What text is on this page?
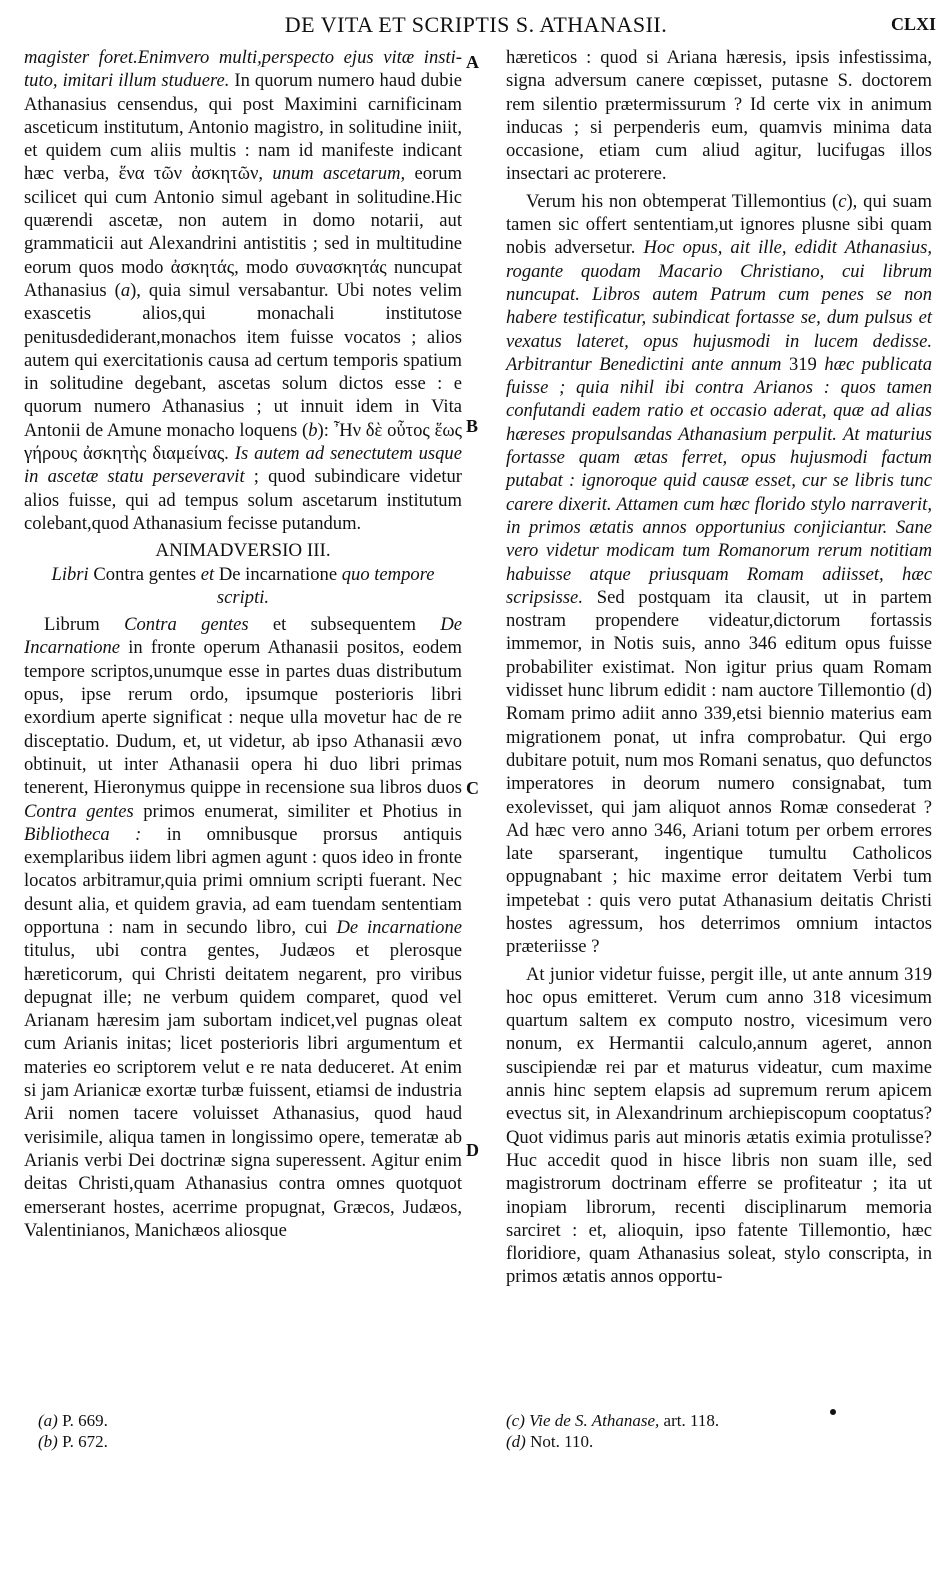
DE VITA ET SCRIPTIS S. ATHANASII.	CLXI
A
B
C
D

magister foret.Enimvero multi,perspecto ejus vitæ insti-tuto, imitari illum studuere. In quorum numero haud dubie Athanasius censendus, qui post Maximini carnificinam asceticum institutum, Antonio magistro, in solitudine iniit, et quidem cum aliis multis : nam id manifeste indicant hæc verba, ἕνα τῶν ἀσκητῶν, unum ascetarum, eorum scilicet qui cum Antonio simul agebant in solitudine.Hic quærendi ascetæ, non autem in domo notarii, aut grammaticii aut Alexandrini antistitis ; sed in multitudine eorum quos modo ἀσκητάς, modo συνασκητάς nuncupat Athanasius (a), quia simul versabantur. Ubi notes velim exascetis alios,qui monachali institutose penitusdediderant,monachos item fuisse vocatos ; alios autem qui exercitationis causa ad certum temporis spatium in solitudine degebant, ascetas solum dictos esse : e quorum numero Athanasius ; ut innuit idem in Vita Antonii de Amune monacho loquens (b): Ἦν δὲ οὗτος ἕως γήρους ἀσκητὴς διαμείνας. Is autem ad senectutem usque in ascetæ statu perseveravit ; quod subindicare videtur alios fuisse, qui ad tempus solum ascetarum institutum colebant,quod Athanasium fecisse putandum.

ANIMADVERSIO III.

Libri Contra gentes et De incarnatione quo tempore scripti.

Librum Contra gentes et subsequentem De Incarnatione in fronte operum Athanasii positos, eodem tempore scriptos,unumque esse in partes duas distributum opus, ipse rerum ordo, ipsumque posterioris libri exordium aperte significat : neque ulla movetur hac de re disceptatio. Dudum, et, ut videtur, ab ipso Athanasii ævo obtinuit, ut inter Athanasii opera hi duo libri primas tenerent, Hieronymus quippe in recensione sua libros duos Contra gentes primos enumerat, similiter et Photius in Bibliotheca : in omnibusque prorsus antiquis exemplaribus iidem libri agmen agunt : quos ideo in fronte locatos arbitramur,quia primi omnium scripti fuerant. Nec desunt alia, et quidem gravia, ad eam tuendam sententiam opportuna : nam in secundo libro, cui De incarnatione titulus, ubi contra gentes, Judæos et plerosque hæreticorum, qui Christi deitatem negarent, pro viribus depugnat ille; ne verbum quidem comparet, quod vel Arianam hæresim jam subortam indicet,vel pugnas oleat cum Arianis initas; licet posterioris libri argumentum et materies eo scriptorem velut e re nata deduceret. At enim si jam Arianicæ exortæ turbæ fuissent, etiamsi de industria Arii nomen tacere voluisset Athanasius, quod haud verisimile, aliqua tamen in longissimo opere, temeratæ ab Arianis verbi Dei doctrinæ signa superessent. Agitur enim deitas Christi,quam Athanasius contra omnes quotquot emerserant hostes, acerrime propugnat, Græcos, Judæos, Valentinianos, Manichæos aliosque

hæreticos : quod si Ariana hæresis, ipsis infestissima, signa adversum canere cœpisset, putasne S. doctorem rem silentio prætermissurum ? Id certe vix in animum inducas ; si perpenderis eum, quamvis minima data occasione, etiam cum aliud agitur, lucifugas illos insectari ac proterere.

Verum his non obtemperat Tillemontius (c), qui suam tamen sic offert sententiam,ut ignores plusne sibi quam nobis adversetur. Hoc opus, ait ille, edidit Athanasius, rogante quodam Macario Christiano, cui librum nuncupat. Libros autem Patrum cum penes se non habere testificatur, subindicat fortasse se, dum pulsus et vexatus lateret, opus hujusmodi in lucem dedisse. Arbitrantur Benedictini ante annum 319 hæc publicata fuisse ; quia nihil ibi contra Arianos : quos tamen confutandi eadem ratio et occasio aderat, quæ ad alias hæreses propulsandas Athanasium perpulit. At maturius fortasse quam ætas ferret, opus hujusmodi factum putabat : ignoroque quid causæ esset, cur se libris tunc carere dixerit. Attamen cum hæc florido stylo narraverit, in primos ætatis annos opportunius conjiciantur. Sane vero videtur modicam tum Romanorum rerum notitiam habuisse atque priusquam Romam adiisset, hæc scripsisse. Sed postquam ita clausit, ut in partem nostram propendere videatur,dictorum fortassis immemor, in Notis suis, anno 346 editum opus fuisse probabiliter existimat. Non igitur prius quam Romam vidisset hunc librum edidit : nam auctore Tillemontio (d) Romam primo adiit anno 339,etsi biennio materius eam migrationem ponat, ut infra comprobatur. Qui ergo dubitare potuit, num mos Romani senatus, quo defunctos imperatores in deorum numero consignabat, tum exolevisset, qui jam aliquot annos Romæ consederat ? Ad hæc vero anno 346, Ariani totum per orbem errores late sparserant, ingentique tumultu Catholicos oppugnabant ; hic maxime error deitatem Verbi tum impetebat : quis vero putat Athanasium deitatis Christi hostes agressum, hos deterrimos omnium intactos præteriisse ?

At junior videtur fuisse, pergit ille, ut ante annum 319 hoc opus emitteret. Verum cum anno 318 vicesimum quartum saltem ex computo nostro, vicesimum vero nonum, ex Hermantii calculo,annum ageret, annon suscipiendæ rei par et maturus videatur, cum maxime annis hinc septem elapsis ad supremum rerum apicem evectus sit, in Alexandrinum archiepiscopum cooptatus? Quot vidimus paris aut minoris ætatis eximia protulisse? Huc accedit quod in hisce libris non suam ille, sed magistrorum doctrinam efferre se profiteatur ; ita ut inopiam librorum, recenti disciplinarum memoria sarciret : et, alioquin, ipso fatente Tillemontio, hæc floridiore, quam Athanasius soleat, stylo conscripta, in primos ætatis annos opportu-

(a) P. 669.
(b) P. 672.
(c) Vie de S. Athanase, art. 118.
(d) Not. 110.
